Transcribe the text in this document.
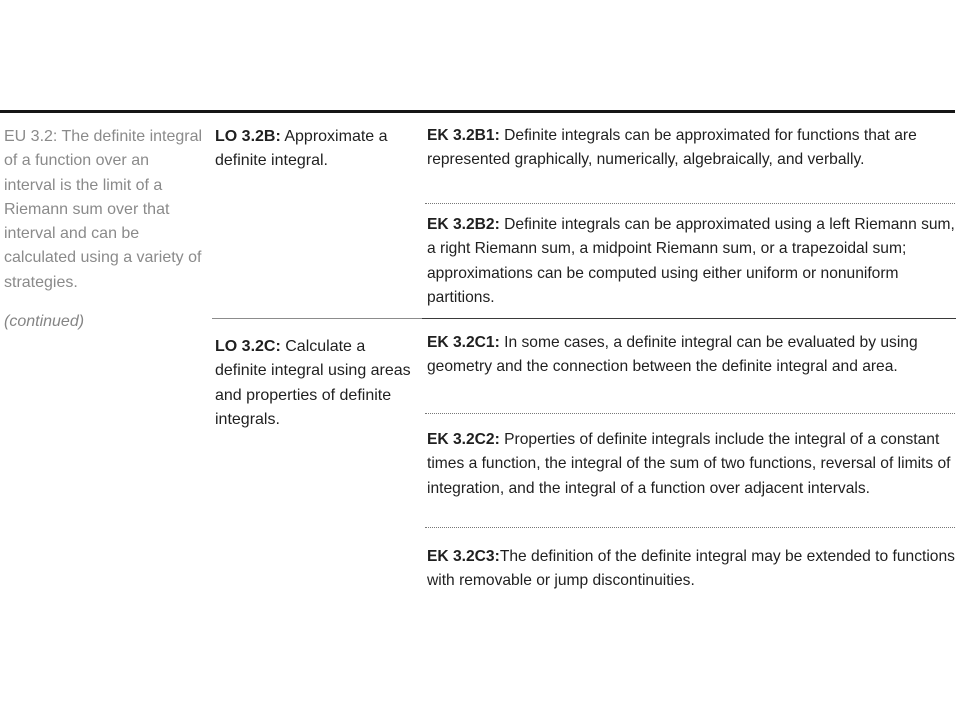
EU 3.2: The definite integral of a function over an interval is the limit of a Riemann sum over that interval and can be calculated using a variety of strategies.

(continued)
LO 3.2B: Approximate a definite integral.
LO 3.2C: Calculate a definite integral using areas and properties of definite integrals.

EK 3.2B1: Definite integrals can be approximated for functions that are represented graphically, numerically, algebraically, and verbally.

EK 3.2B2: Definite integrals can be approximated using a left Riemann sum, a right Riemann sum, a midpoint Riemann sum, or a trapezoidal sum; approximations can be computed using either uniform or nonuniform partitions.

EK 3.2C1: In some cases, a definite integral can be evaluated by using geometry and the connection between the definite integral and area.

EK 3.2C2: Properties of definite integrals include the integral of a constant times a function, the integral of the sum of two functions, reversal of limits of integration, and the integral of a function over adjacent intervals.

EK 3.2C3:The definition of the definite integral may be extended to functions with removable or jump discontinuities.
